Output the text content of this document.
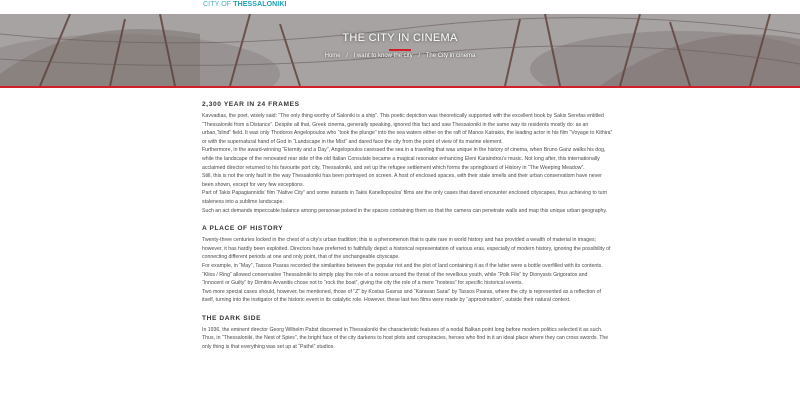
CITY OF THESSALONIKI
THE CITY IN CINEMA
Home / I want to know the city / The City in cinema
2,300 YEAR IN 24 FRAMES

Kavvadias, the poet, wisely said: “The only thing worthy of Saloniki is a ship”. This poetic depiction was theoretically supported with the excellent book by Sakis Serefas entitled “Thessaloniki from a Distance”. Despite all that, Greek cinema, generally speaking, ignored this fact and saw Thessaloniki in the same way its residents mostly do: as an urban,“blind” field. It was only Thodoros Angelopoulos who “took the plunge” into the sea waters either on the raft of Manos Katrakis, the leading actor in his film “Voyage to Kithira” or with the supernatural hand of God in “Landscape in the Mist” and dared face the city from the point of view of its marine element.

Furthermore, in the award-winning “Eternity and a Day”, Angelopoulos caressed the sea in a traveling that was unique in the history of cinema, when Bruno Ganz walks his dog, while the landscape of the renovated rear side of the old Italian Consulate became a magical resonator enhancing Eleni Karaindrou's music. Not long after, this internationally acclaimed director returned to his favourite port city, Thessaloniki, and set up the refugee settlement which forms the springboard of History in “The Weeping Meadow”.

Still, this is not the only fault in the way Thessaloniki has been portrayed on screen. A host of enclosed spaces, with their stale smells and their urban conservatism have never been shown, except for very few exceptions.

Part of Takis Papagiannidis' film “Native City” and some instants in Takis Kanellopoulos' films are the only cases that dared encounter enclosed cityscapes, thus achieving to turn staleness into a sublime landscape.

Such an act demands impeccable balance among personae poised in the spaces containing them so that the camera can penetrate walls and map this unique urban geography.

A PLACE OF HISTORY

Twenty-three centuries locked in the chest of a city's urban tradition; this is a phenomenon that is quite rare in world history and has provided a wealth of material in images; however, it has hardly been exploited. Directors have preferred to faithfully depict a historical representation of various eras, especially of modern history, ignoring the possibility of connecting different periods at one and only point, that of the unchangeable cityscape.

For example, in “May”, Tassos Psaras recorded the similarities between the popular riot and the plot of land containing it as if the latter were a bottle overfilled with its contents. “Klios / Ring” allowed conservative Thessaloniki to simply play the role of a noose around the throat of the revellious youth, while “Polk File” by Dionyssis Grigoratos and

“Innocent or Guilty” by Dimitris Arvanitis chose not to “rock the boat”, giving the city the role of a mere “hostess” for specific historical events.

Two more special cases should, however, be mentioned, those of “Z” by Kostas Gavras and “Karavan Sarai” by Tassos Psaras, where the city is represented as a reflection of itself, turning into the instigator of the historic event in its catalytic role. However, these last two films were made by “approximation”, outside their natural context.

THE DARK SIDE

In 1936, the eminent director Georg Wilhelm Pabst discerned in Thessaloniki the characteristic features of a nodal Balkan point long before modern politics selected it as such. Thus, in “Thessaloniki, the Nest of Spies”, the bright face of the city darkens to host plots and conspiracies, heroes who find in it an ideal place where they can cross swords. The only thing is that everything was set up at “Pathé” studios.
